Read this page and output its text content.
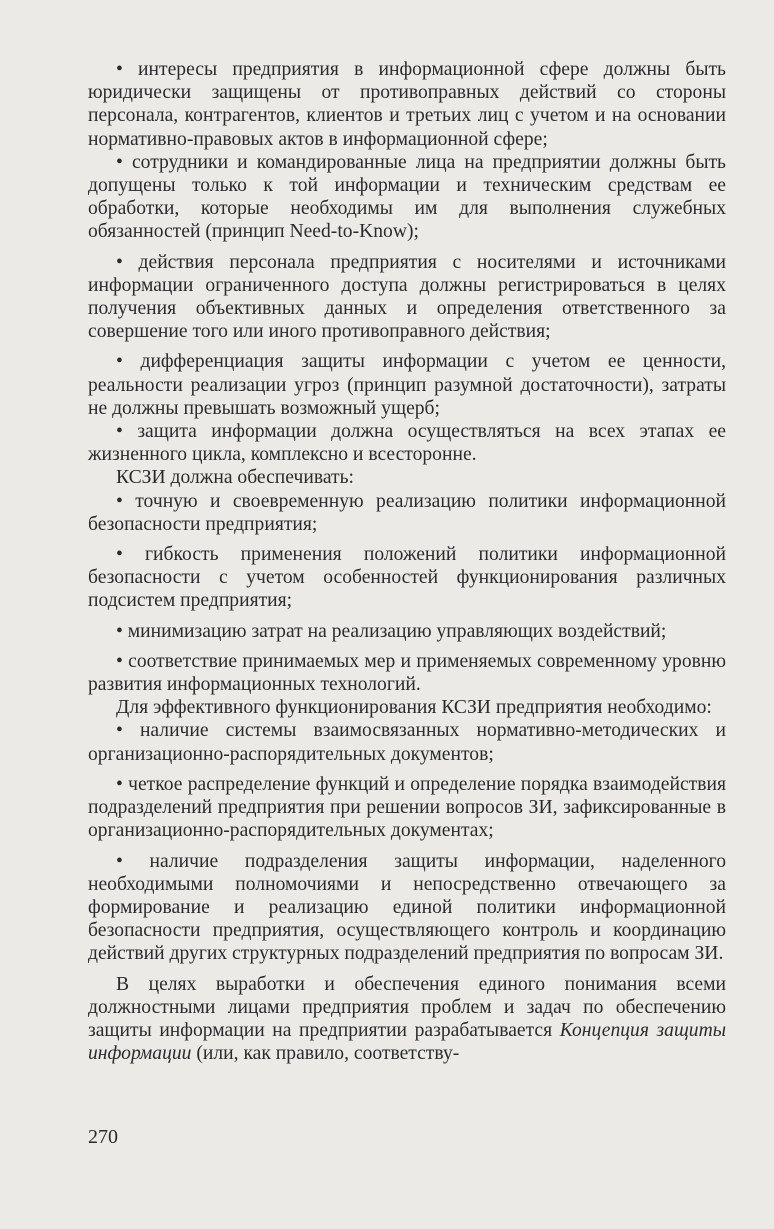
• интересы предприятия в информационной сфере должны быть юридически защищены от противоправных действий со стороны персонала, контрагентов, клиентов и третьих лиц с учетом и на основании нормативно-правовых актов в информационной сфере;

• сотрудники и командированные лица на предприятии должны быть допущены только к той информации и техническим средствам ее обработки, которые необходимы им для выполнения служебных обязанностей (принцип Need-to-Know);

• действия персонала предприятия с носителями и источниками информации ограниченного доступа должны регистрироваться в целях получения объективных данных и определения ответственного за совершение того или иного противоправного действия;

• дифференциация защиты информации с учетом ее ценности, реальности реализации угроз (принцип разумной достаточности), затраты не должны превышать возможный ущерб;

• защита информации должна осуществляться на всех этапах ее жизненного цикла, комплексно и всесторонне.

КСЗИ должна обеспечивать:

• точную и своевременную реализацию политики информационной безопасности предприятия;

• гибкость применения положений политики информационной безопасности с учетом особенностей функционирования различных подсистем предприятия;

• минимизацию затрат на реализацию управляющих воздействий;

• соответствие принимаемых мер и применяемых современному уровню развития информационных технологий.

Для эффективного функционирования КСЗИ предприятия необходимо:

• наличие системы взаимосвязанных нормативно-методических и организационно-распорядительных документов;

• четкое распределение функций и определение порядка взаимодействия подразделений предприятия при решении вопросов ЗИ, зафиксированные в организационно-распорядительных документах;

• наличие подразделения защиты информации, наделенного необходимыми полномочиями и непосредственно отвечающего за формирование и реализацию единой политики информационной безопасности предприятия, осуществляющего контроль и координацию действий других структурных подразделений предприятия по вопросам ЗИ.

В целях выработки и обеспечения единого понимания всеми должностными лицами предприятия проблем и задач по обеспечению защиты информации на предприятии разрабатывается Концепция защиты информации (или, как правило, соответству-

270
